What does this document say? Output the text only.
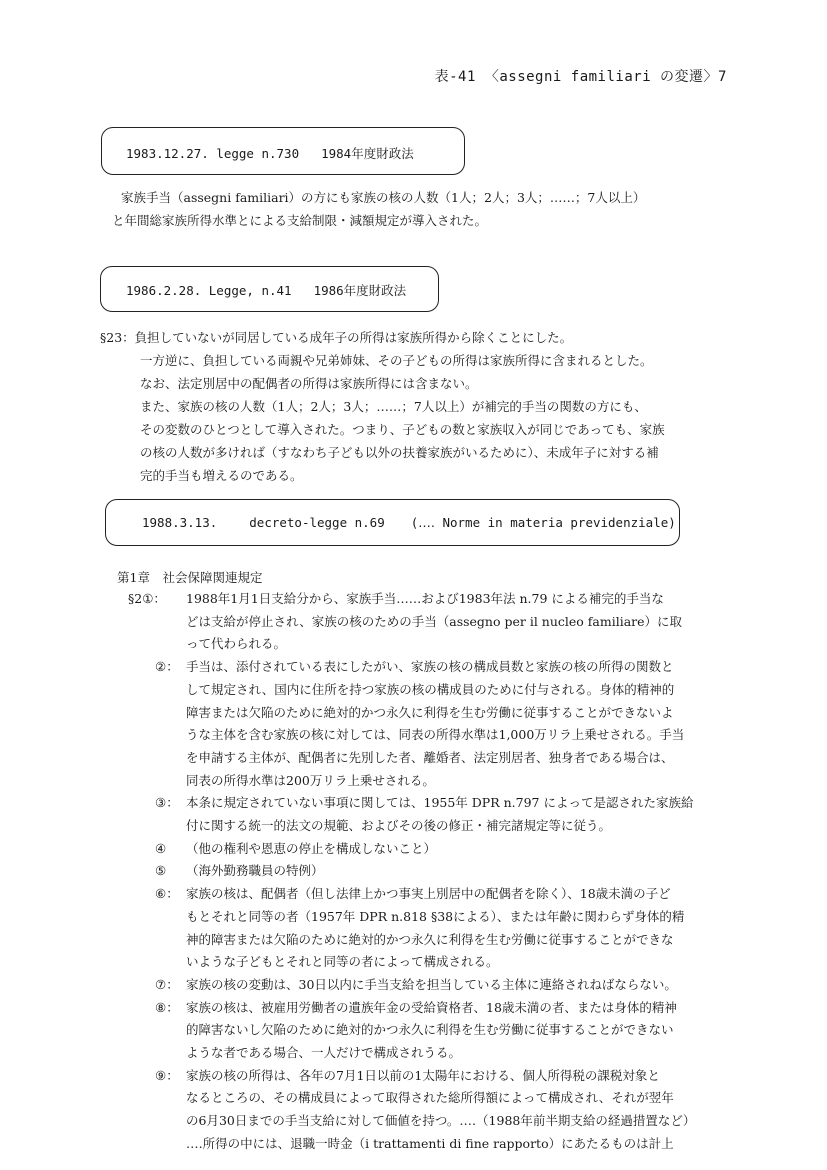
表-41 〈assegni familiari の変遷〉7
1983.12.27. legge n.730 1984年度財政法
家族手当（assegni familiari）の方にも家族の核の人数（1人；2人；3人；‥‥‥；7人以上）
と年間総家族所得水準とによる支給制限・減額規定が導入された。
1986.2.28. Legge, n.41 1986年度財政法
§23：負担していないが同居している成年子の所得は家族所得から除くことにした。
一方逆に、負担している両親や兄弟姉妹、その子どもの所得は家族所得に含まれるとした。
なお、法定別居中の配偶者の所得は家族所得には含まない。
また、家族の核の人数（1人；2人；3人；‥‥‥；7人以上）が補完的手当の関数の方にも、
その変数のひとつとして導入された。つまり、子どもの数と家族収入が同じであっても、家族
の核の人数が多ければ（すなわち子ども以外の扶養家族がいるために）、未成年子に対する補
完的手当も増えるのである。
1988.3.13.	decreto-legge n.69 (‥‥ Norme in materia previdenziale)
第1章　社会保障関連規定
§2①：	1988年1月1日支給分から、家族手当……および1983年法 n.79 による補完的手当な
どは支給が停止され、家族の核のための手当（assegno per il nucleo familiare）に取
って代わられる。
②： 手当は、添付されている表にしたがい、家族の核の構成員数と家族の核の所得の関数と
して規定され、国内に住所を持つ家族の核の構成員のために付与される。身体的精神的
障害または欠陥のために絶対的かつ永久に利得を生む労働に従事することができないよ
うな主体を含む家族の核に対しては、同表の所得水準は1,000万リラ上乗せされる。手当
を申請する主体が、配偶者に先別した者、離婚者、法定別居者、独身者である場合は、
同表の所得水準は200万リラ上乗せされる。
③： 本条に規定されていない事項に関しては、1955年 DPR n.797 によって是認された家族給
付に関する統一的法文の規範、およびその後の修正・補完諸規定等に従う。
④	（他の権利や恩恵の停止を構成しないこと）
⑤	（海外勤務職員の特例）
⑥： 家族の核は、配偶者（但し法律上かつ事実上別居中の配偶者を除く）、18歳未満の子ど
もとそれと同等の者（1957年 DPR n.818 §38による）、または年齢に関わらず身体的精
神的障害または欠陥のために絶対的かつ永久に利得を生む労働に従事することができな
いような子どもとそれと同等の者によって構成される。
⑦： 家族の核の変動は、30日以内に手当支給を担当している主体に連絡されねばならない。
⑧： 家族の核は、被雇用労働者の遺族年金の受給資格者、18歳未満の者、または身体的精神
的障害ないし欠陥のために絶対的かつ永久に利得を生む労働に従事することができない
ような者である場合、一人だけで構成されうる。
⑨： 家族の核の所得は、各年の7月1日以前の1太陽年における、個人所得税の課税対象と
なるところの、その構成員によって取得された総所得額によって構成され、それが翌年
の6月30日までの手当支給に対して価値を持つ。‥‥（1988年前半期支給の経過措置など）
‥‥所得の中には、退職一時金（i trattamenti di fine rapporto）にあたるものは計上
